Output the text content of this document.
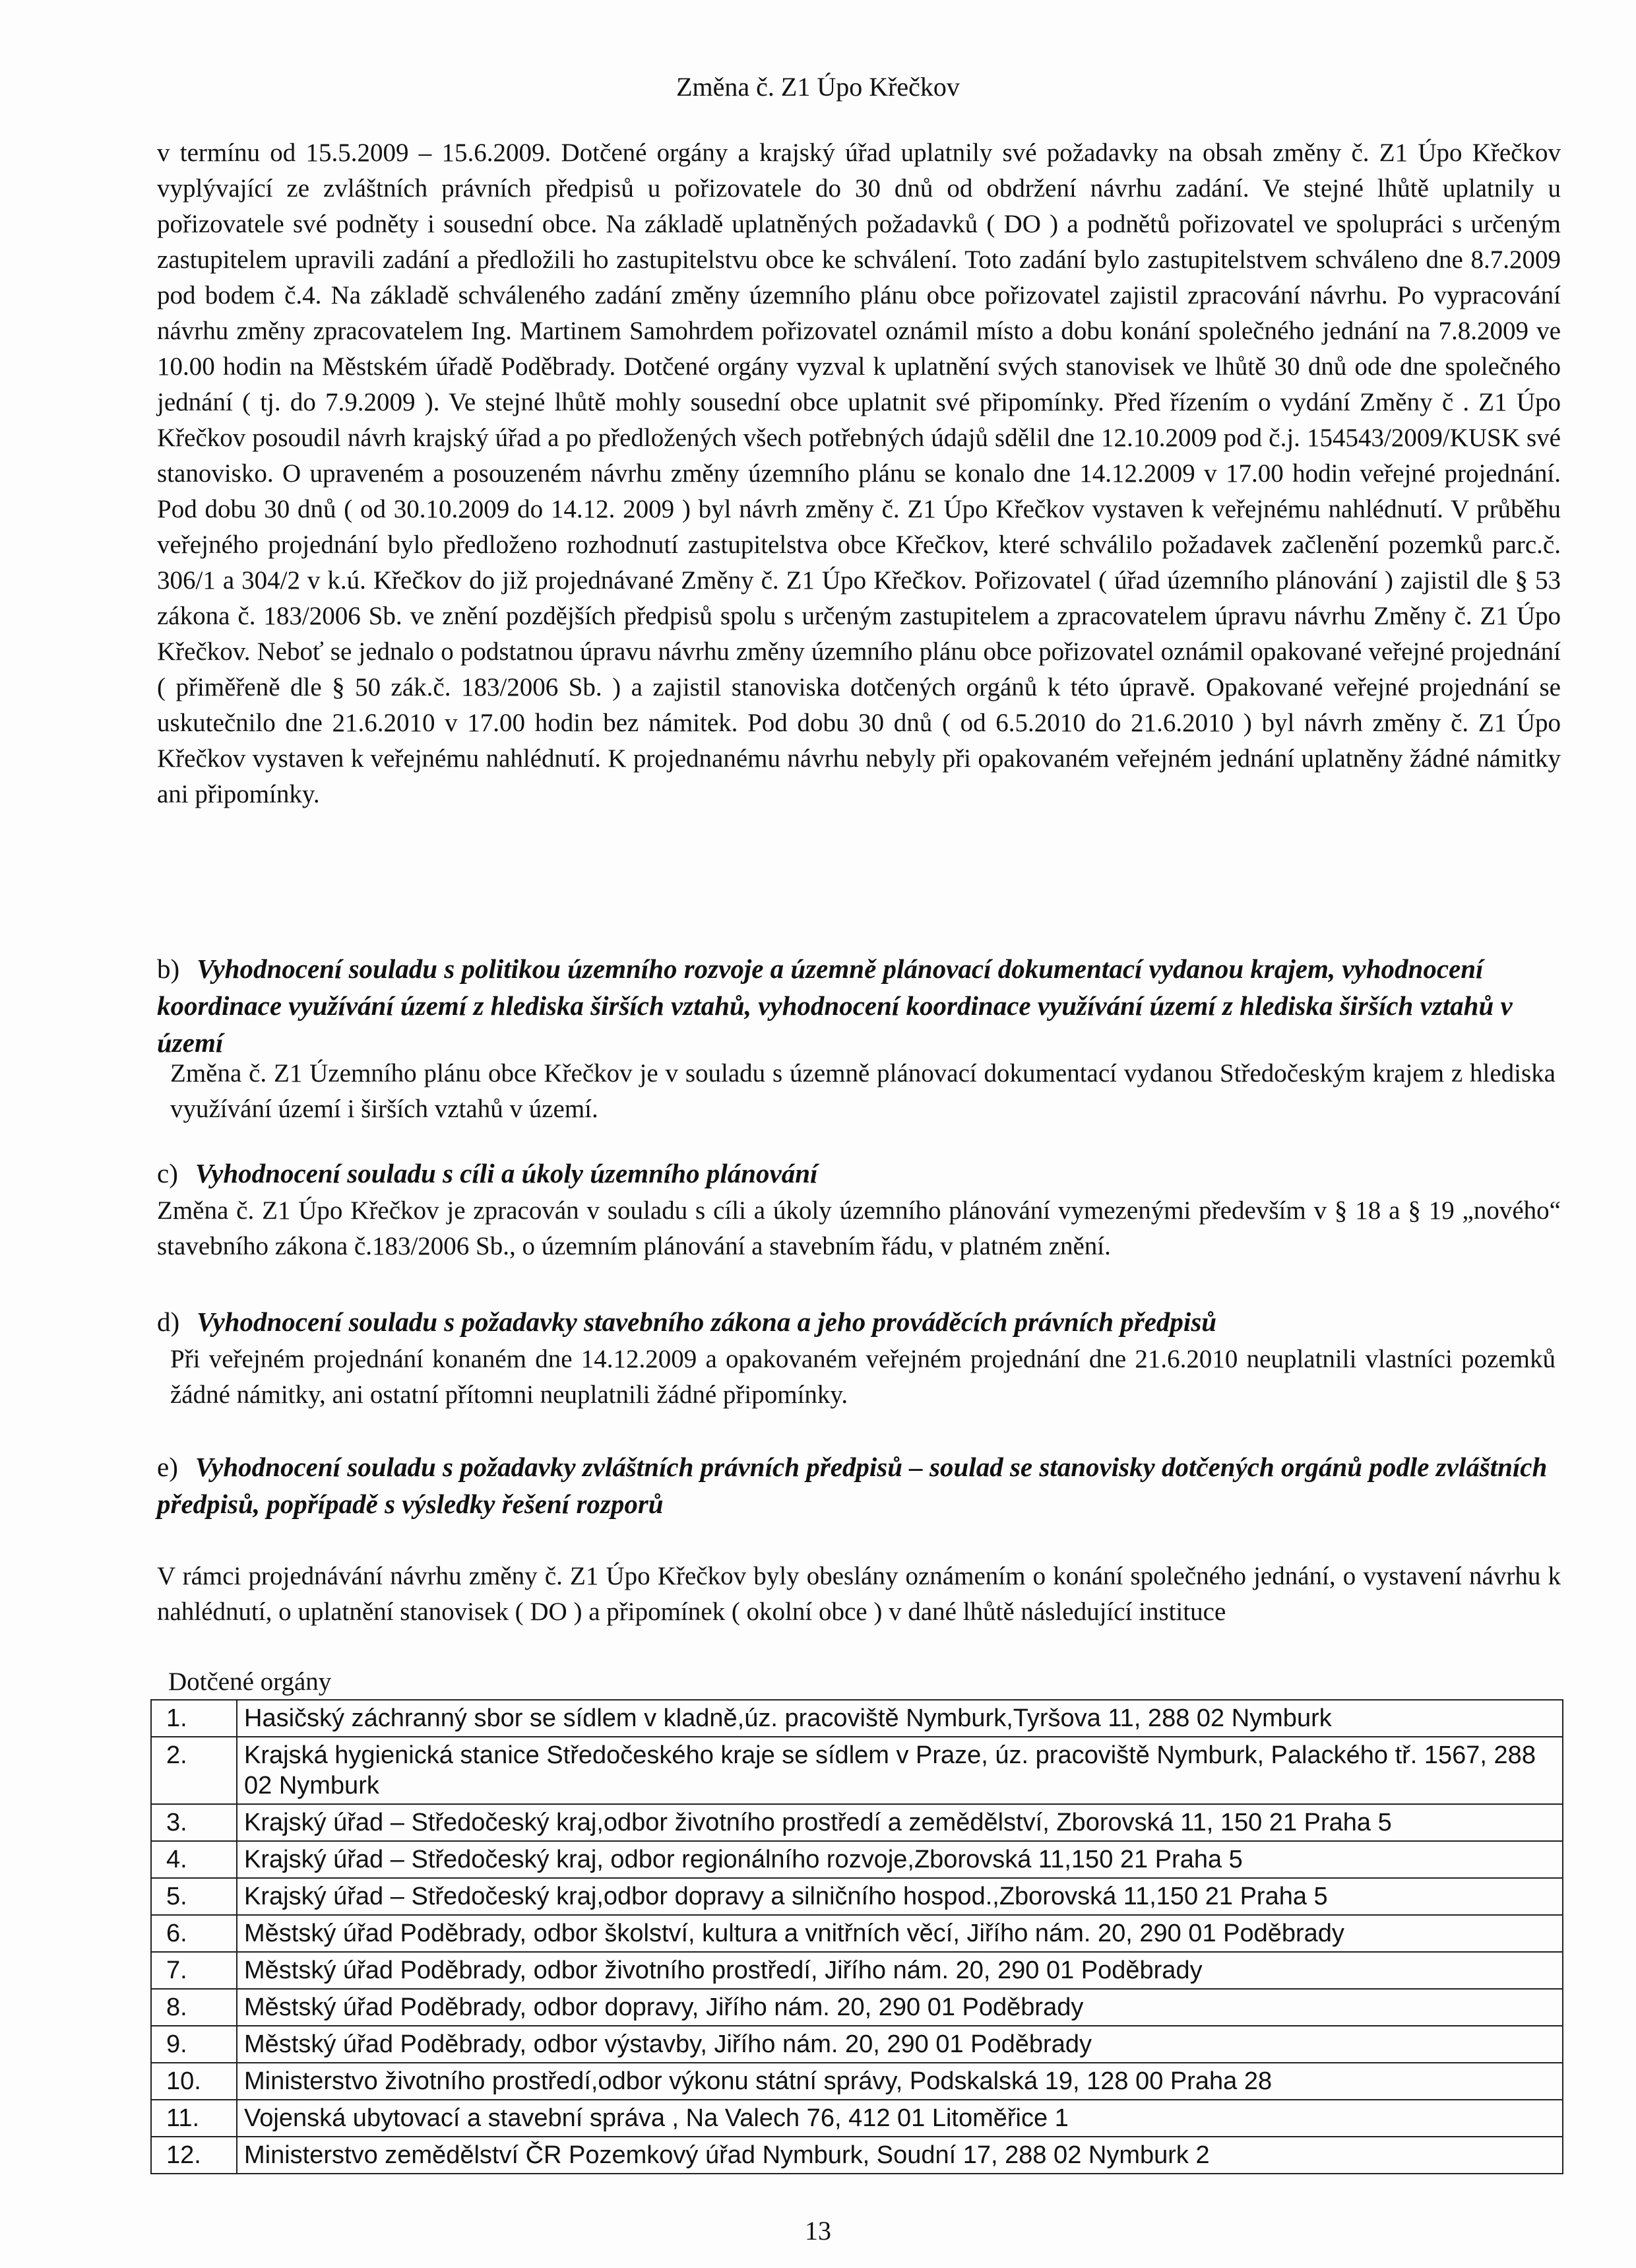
Změna č. Z1 Úpo Křečkov
v termínu od 15.5.2009 – 15.6.2009. Dotčené orgány a krajský úřad uplatnily své požadavky na obsah změny č. Z1 Úpo Křečkov vyplývající ze zvláštních právních předpisů u pořizovatele do 30 dnů od obdržení návrhu zadání. Ve stejné lhůtě uplatnily u pořizovatele své podněty i sousední obce. Na základě uplatněných požadavků ( DO ) a podnětů pořizovatel ve spolupráci s určeným zastupitelem upravili zadání a předložili ho zastupitelstvu obce ke schválení. Toto zadání bylo zastupitelstvem schváleno dne 8.7.2009 pod bodem č.4. Na základě schváleného zadání změny územního plánu obce pořizovatel zajistil zpracování návrhu. Po vypracování návrhu změny zpracovatelem Ing. Martinem Samohrdem pořizovatel oznámil místo a dobu konání společného jednání na 7.8.2009 ve 10.00 hodin na Městském úřadě Poděbrady. Dotčené orgány vyzval k uplatnění svých stanovisek ve lhůtě 30 dnů ode dne společného jednání ( tj. do 7.9.2009 ). Ve stejné lhůtě mohly sousední obce uplatnit své připomínky. Před řízením o vydání Změny č . Z1 Úpo Křečkov posoudil návrh krajský úřad a po předložených všech potřebných údajů sdělil dne 12.10.2009 pod č.j. 154543/2009/KUSK své stanovisko. O upraveném a posouzeném návrhu změny územního plánu se konalo dne 14.12.2009 v 17.00 hodin veřejné projednání. Pod dobu 30 dnů ( od 30.10.2009 do 14.12. 2009 ) byl návrh změny č. Z1 Úpo Křečkov vystaven k veřejnému nahlédnutí. V průběhu veřejného projednání bylo předloženo rozhodnutí zastupitelstva obce Křečkov, které schválilo požadavek začlenění pozemků parc.č. 306/1 a 304/2 v k.ú. Křečkov do již projednávané Změny č. Z1 Úpo Křečkov. Pořizovatel ( úřad územního plánování ) zajistil dle § 53 zákona č. 183/2006 Sb. ve znění pozdějších předpisů spolu s určeným zastupitelem a zpracovatelem úpravu návrhu Změny č. Z1 Úpo Křečkov. Neboť se jednalo o podstatnou úpravu návrhu změny územního plánu obce pořizovatel oznámil opakované veřejné projednání ( přiměřeně dle § 50 zák.č. 183/2006 Sb. ) a zajistil stanoviska dotčených orgánů k této úpravě. Opakované veřejné projednání se uskutečnilo dne 21.6.2010 v 17.00 hodin bez námitek. Pod dobu 30 dnů ( od 6.5.2010 do 21.6.2010 ) byl návrh změny č. Z1 Úpo Křečkov vystaven k veřejnému nahlédnutí. K projednanému návrhu nebyly při opakovaném veřejném jednání uplatněny žádné námitky ani připomínky.
b) Vyhodnocení souladu s politikou územního rozvoje a územně plánovací dokumentací vydanou krajem, vyhodnocení koordinace využívání území z hlediska širších vztahů, vyhodnocení koordinace využívání území z hlediska širších vztahů v území
Změna č. Z1 Územního plánu obce Křečkov je v souladu s územně plánovací dokumentací vydanou Středočeským krajem z hlediska využívání území i širších vztahů v území.
c) Vyhodnocení souladu s cíli a úkoly územního plánování
Změna č. Z1 Úpo Křečkov je zpracován v souladu s cíli a úkoly územního plánování vymezenými především v § 18 a § 19 „nového“ stavebního zákona č.183/2006 Sb., o územním plánování a stavebním řádu, v platném znění.
d) Vyhodnocení souladu s požadavky stavebního zákona a jeho prováděcích právních předpisů
Při veřejném projednání konaném dne 14.12.2009 a opakovaném veřejném projednání dne 21.6.2010 neuplatnili vlastníci pozemků žádné námitky, ani ostatní přítomni neuplatnili žádné připomínky.
e) Vyhodnocení souladu s požadavky zvláštních právních předpisů – soulad se stanovisky dotčených orgánů podle zvláštních předpisů, popřípadě s výsledky řešení rozporů
V rámci projednávání návrhu změny č. Z1 Úpo Křečkov byly obeslány oznámením o konání společného jednání, o vystavení návrhu k nahlédnutí, o uplatnění stanovisek ( DO ) a připomínek ( okolní obce ) v dané lhůtě následující instituce
Dotčené orgány
1.	Hasičský záchranný sbor se sídlem v kladně,úz. pracoviště Nymburk,Tyršova 11, 288 02 Nymburk
2.	Krajská hygienická stanice Středočeského kraje se sídlem v Praze, úz. pracoviště Nymburk, Palackého tř. 1567, 288 02 Nymburk
3.	Krajský úřad – Středočeský kraj,odbor životního prostředí a zemědělství, Zborovská 11, 150 21 Praha 5
4.	Krajský úřad – Středočeský kraj, odbor regionálního rozvoje,Zborovská 11,150 21 Praha 5
5.	Krajský úřad – Středočeský kraj,odbor dopravy a silničního hospod.,Zborovská 11,150 21 Praha 5
6.	Městský úřad Poděbrady, odbor školství, kultura a vnitřních věcí, Jiřího nám. 20, 290 01 Poděbrady
7.	Městský úřad Poděbrady, odbor životního prostředí, Jiřího nám. 20, 290 01 Poděbrady
8.	Městský úřad Poděbrady, odbor dopravy, Jiřího nám. 20, 290 01 Poděbrady
9.	Městský úřad Poděbrady, odbor výstavby, Jiřího nám. 20, 290 01 Poděbrady
10.	Ministerstvo životního prostředí,odbor výkonu státní správy, Podskalská 19, 128 00 Praha 28
11.	Vojenská ubytovací a stavební správa , Na Valech 76, 412 01 Litoměřice 1
12.	Ministerstvo zemědělství ČR Pozemkový úřad Nymburk, Soudní 17, 288 02 Nymburk 2
13
